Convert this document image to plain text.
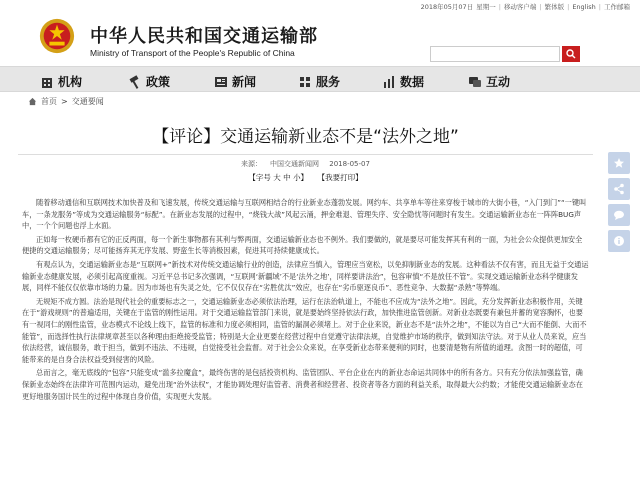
2018年05月07日 星期一 | 移动客户端 | 繁体版 | English | 工作邮箱
中华人民共和国交通运输部
Ministry of Transport of the People's Republic of China
机构	政策	新闻	服务	数据	互动
首页 > 交通要闻
【评论】交通运输新业态不是“法外之地”
来源： 中国交通新闻网 2018-05-07
【字号 大 中 小】 【我要打印】

随着移动通信和互联网技术加快普及和飞速发展，传统交通运输与互联网相结合的行业新业态蓬勃发展。网约车、共享单车等往来穿梭于城市的大街小巷，“入门到门”“一键叫车，一条龙服务”等成为交通运输服务“标配”。在新业态发展的过程中，“烧钱大战”风起云涌，押金难退、管理失序、安全隐忧等问题时有发生。交通运输新业态在一阵阵BUG声中，一个个问题也浮上水面。

正如每一枚硬币都有它的正反两面，每一个新生事物都有其利与弊两面，交通运输新业态也不例外。我们要做的，就是要尽可能发挥其有利的一面，为社会公众提供更加安全便捷的交通运输服务；尽可能扬弃其无序发展、野蛮生长等消极因素，促进其可持续健康成长。

有观点认为，交通运输新业态是“互联网+”新技术对传统交通运输行业的创造，法律应当慎入，管理应当宽松，以免抑制新业态的发展。这种看法不仅有害，而且无益于交通运输新业态健康发展，必须引起高度重视。习近平总书记多次强调，“互联网‘新疆域’不是‘法外之地’，同样要讲法治”，包容审慎“不是放任不管”。实现交通运输新业态科学健康发展，同样不能仅仅依靠市场的力量。因为市场也有失灵之处，它不仅仅存在“劣胜优汰”效应，也存在“劣币驱逐良币”、恶性竞争、大数据“杀熟”等弊端。

无规矩不成方圆。法治是现代社会的重要标志之一，交通运输新业态必须依法治理，运行在法治轨道上，不能也不应成为“法外之地”。因此，充分发挥新业态积极作用，关键在于“游戏规则”的普遍适用，关键在于监管的刚性运用。对于交通运输监管部门来说，就是要始终坚持依法行政，加快推进监管创新。对新业态既要有兼包并蓄的宽容胸怀，也要有一视同仁的刚性监管，业态模式不论线上线下，监管的标准和力度必须相同，监管的漏洞必须堵上。对于企业来说，新业态不是“法外之地”，不能以为自己“大而不能倒、大而不能管”，而选择性执行法律规章甚至以各种理由拒绝接受监管；特别是大企业更要在经营过程中自觉遵守法律法规，自觉维护市场的秩序，做到知法守法。对于从业人员来说，应当依法经营，诚信服务，敢于担当，做到不违法、不违规，自觉接受社会监督。对于社会公众来说，在享受新业态带来便利的同时，也要清楚物有所值的道理。贪图一时的超值，可能带来的是自身合法权益受到侵害的风险。

总而言之，毫无底线的“包容”只能变成“滥多拉魔盒”，最终伤害的是包括投资机构、监管团队、平台企业在内的新业态命运共同体中的所有各方。只有充分依法加强监管，确保新业态始终在法律许可范围内运动，避免出现“治外法权”，才能协调处理好监管者、消费者和经营者、投资者等各方面的利益关系，取得最大公约数；才能使交通运输新业态在更好地服务国计民生的过程中体现自身价值，实现更大发展。
